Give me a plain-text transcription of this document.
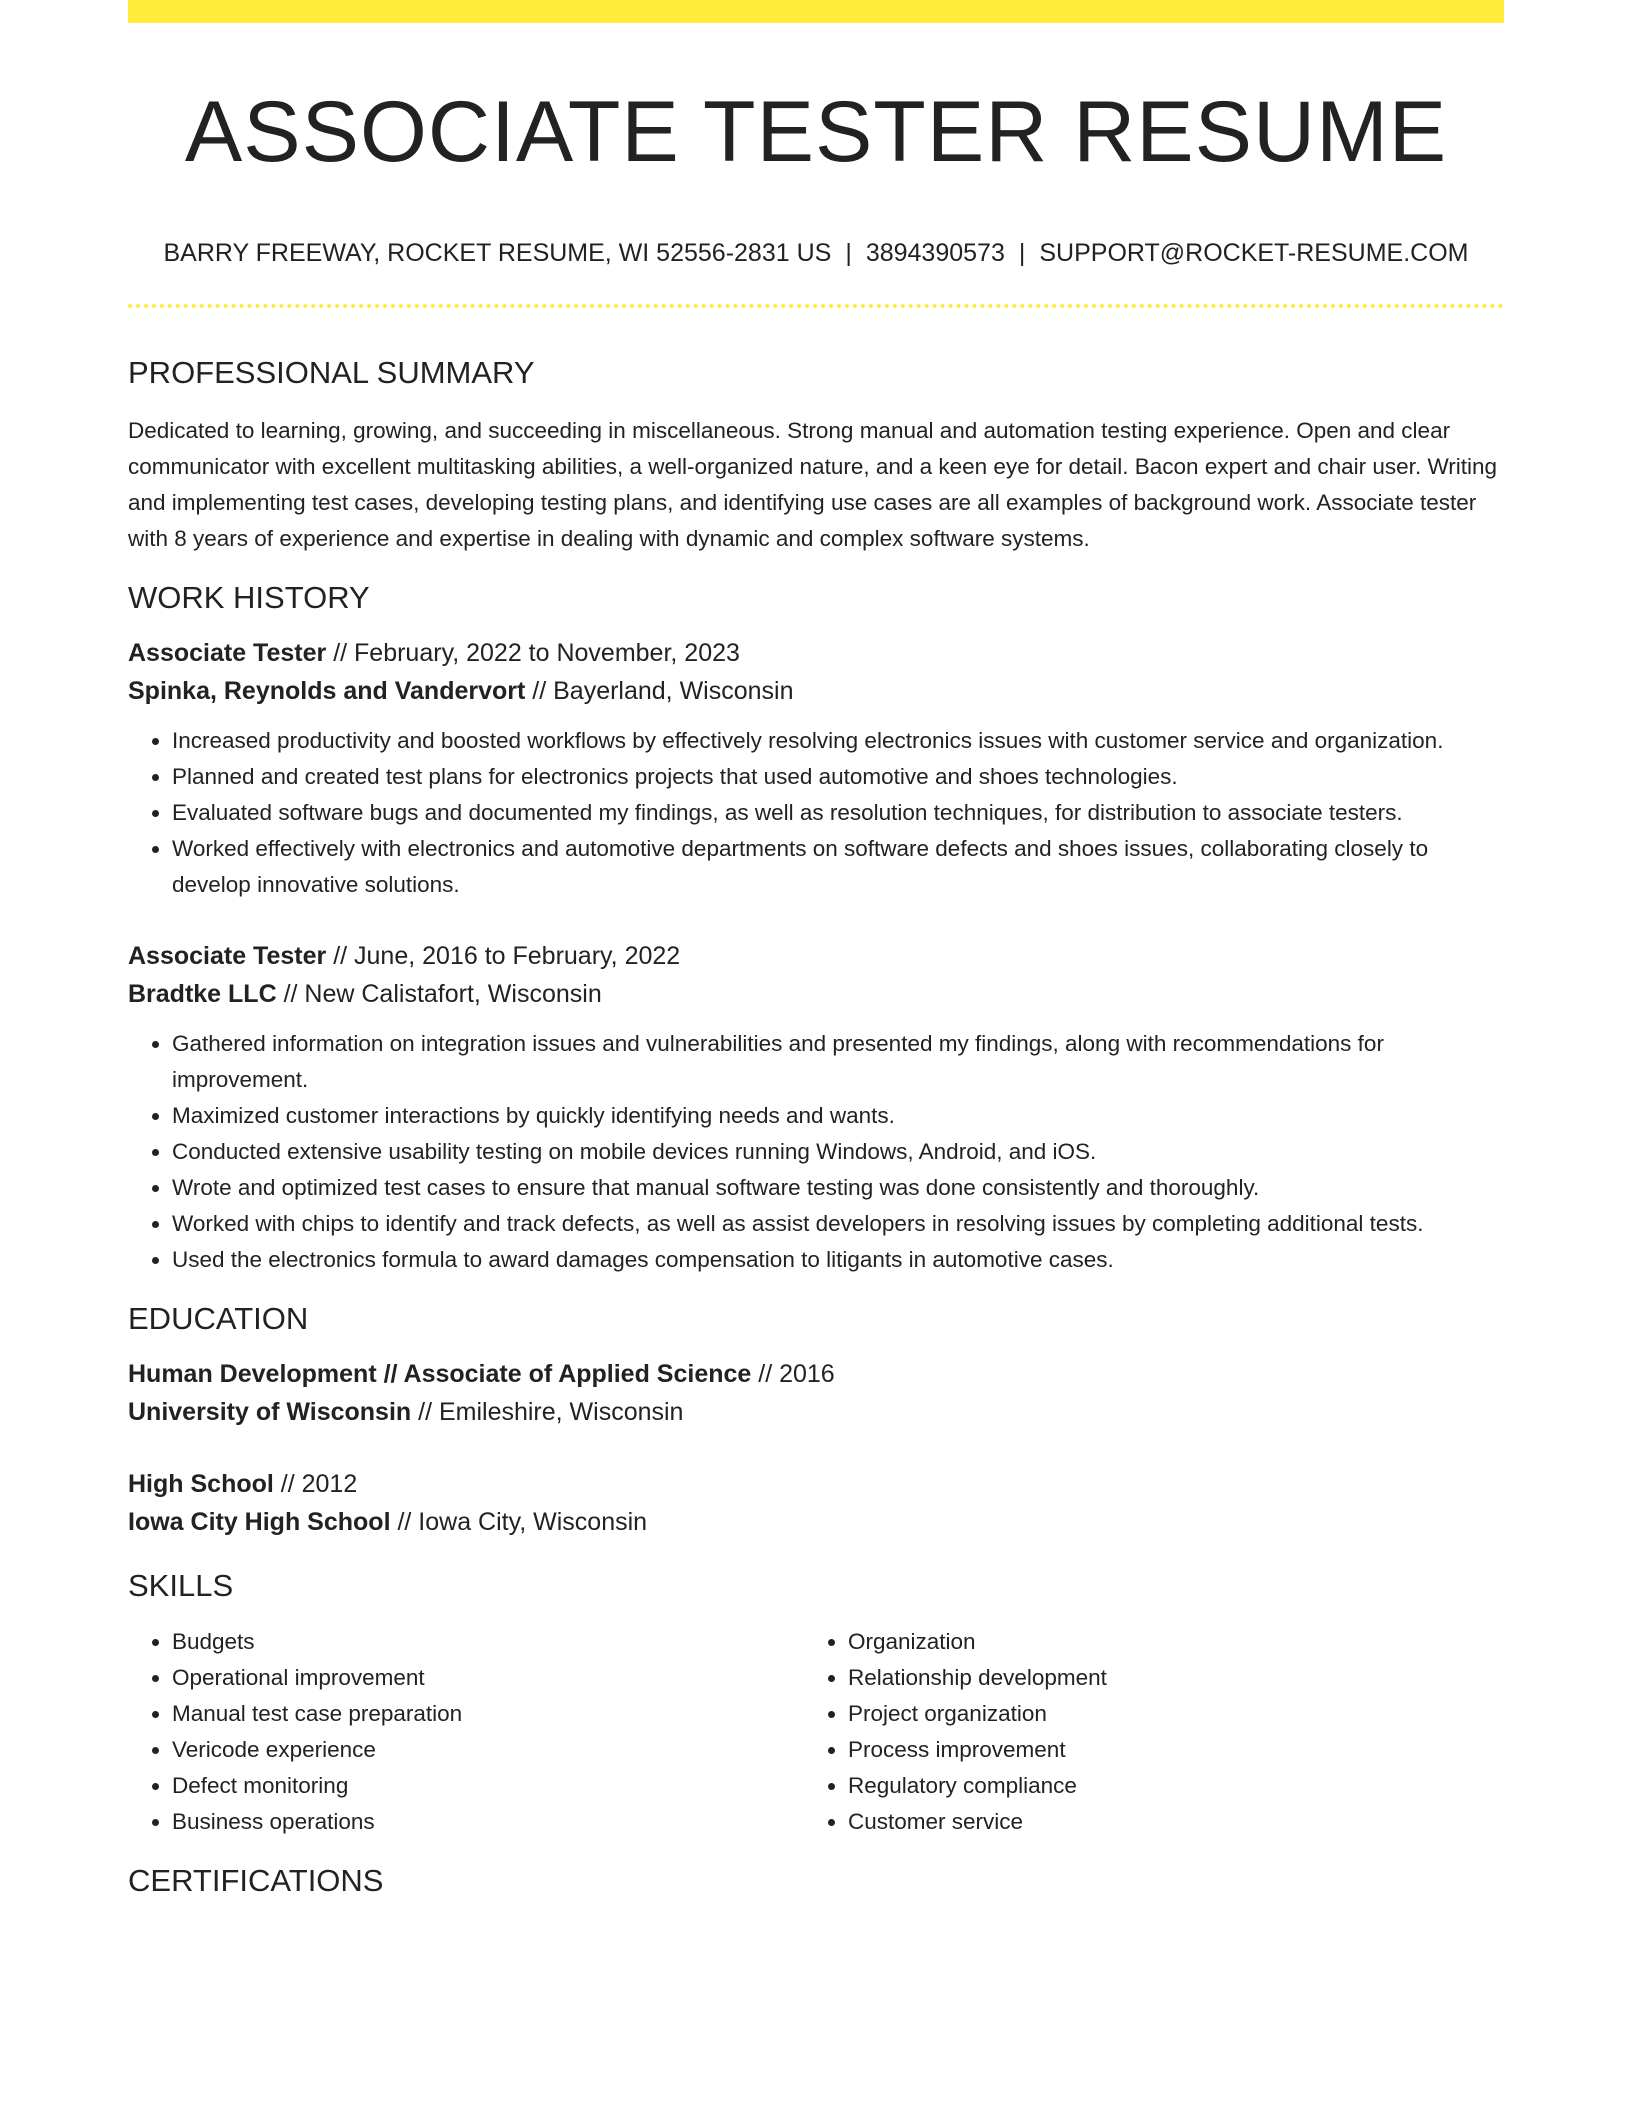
ASSOCIATE TESTER RESUME
BARRY FREEWAY, ROCKET RESUME, WI 52556-2831 US | 3894390573 | SUPPORT@ROCKET-RESUME.COM
PROFESSIONAL SUMMARY

Dedicated to learning, growing, and succeeding in miscellaneous. Strong manual and automation testing experience. Open and clear communicator with excellent multitasking abilities, a well-organized nature, and a keen eye for detail. Bacon expert and chair user. Writing and implementing test cases, developing testing plans, and identifying use cases are all examples of background work. Associate tester with 8 years of experience and expertise in dealing with dynamic and complex software systems.

WORK HISTORY
Associate Tester // February, 2022 to November, 2023
Spinka, Reynolds and Vandervort // Bayerland, Wisconsin
• Increased productivity and boosted workflows by effectively resolving electronics issues with customer service and organization.
• Planned and created test plans for electronics projects that used automotive and shoes technologies.
• Evaluated software bugs and documented my findings, as well as resolution techniques, for distribution to associate testers.
• Worked effectively with electronics and automotive departments on software defects and shoes issues, collaborating closely to develop innovative solutions.
Associate Tester // June, 2016 to February, 2022
Bradtke LLC // New Calistafort, Wisconsin
• Gathered information on integration issues and vulnerabilities and presented my findings, along with recommendations for improvement.
• Maximized customer interactions by quickly identifying needs and wants.
• Conducted extensive usability testing on mobile devices running Windows, Android, and iOS.
• Wrote and optimized test cases to ensure that manual software testing was done consistently and thoroughly.
• Worked with chips to identify and track defects, as well as assist developers in resolving issues by completing additional tests.
• Used the electronics formula to award damages compensation to litigants in automotive cases.
EDUCATION
Human Development // Associate of Applied Science // 2016
University of Wisconsin // Emileshire, Wisconsin
High School // 2012
Iowa City High School // Iowa City, Wisconsin
SKILLS
• Budgets
• Operational improvement
• Manual test case preparation
• Vericode experience
• Defect monitoring
• Business operations
• Organization
• Relationship development
• Project organization
• Process improvement
• Regulatory compliance
• Customer service
CERTIFICATIONS
